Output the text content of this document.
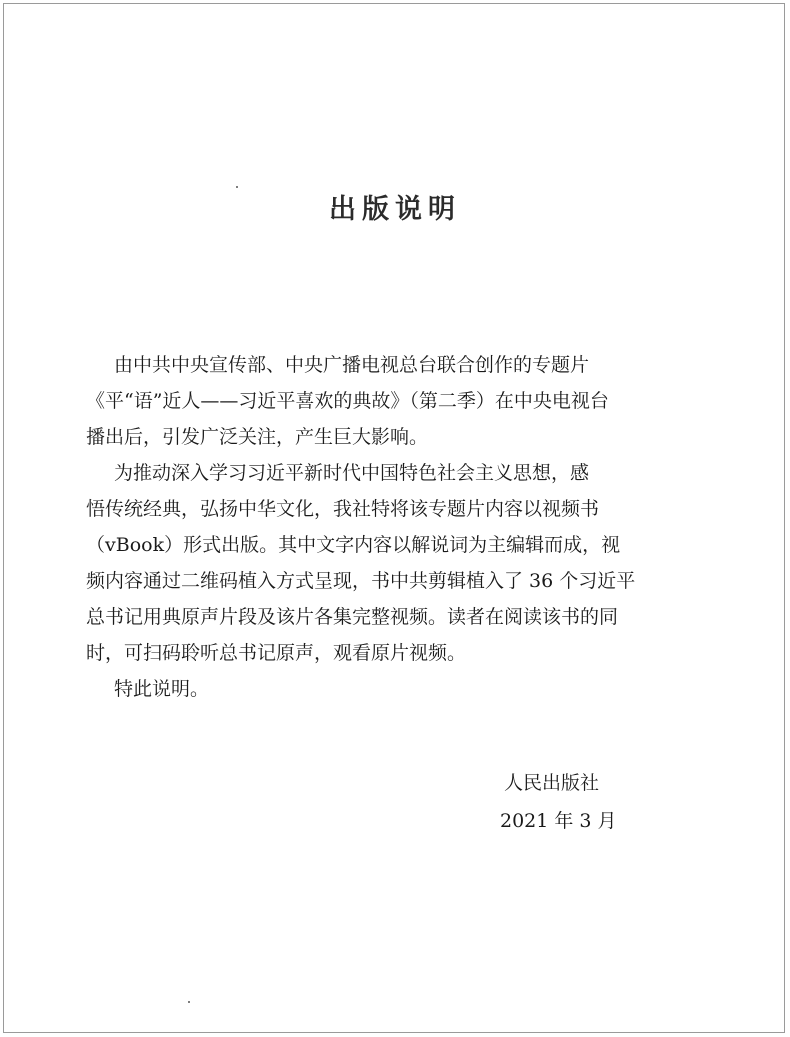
出版说明

由中共中央宣传部、中央广播电视总台联合创作的专题片
《平“语”近人——习近平喜欢的典故》（第二季）在中央电视台
播出后，引发广泛关注，产生巨大影响。

为推动深入学习习近平新时代中国特色社会主义思想，感
悟传统经典，弘扬中华文化，我社特将该专题片内容以视频书
（vBook）形式出版。其中文字内容以解说词为主编辑而成，视
频内容通过二维码植入方式呈现，书中共剪辑植入了 36 个习近平
总书记用典原声片段及该片各集完整视频。读者在阅读该书的同
时，可扫码聆听总书记原声，观看原片视频。

特此说明。

人民出版社
2021 年 3 月
